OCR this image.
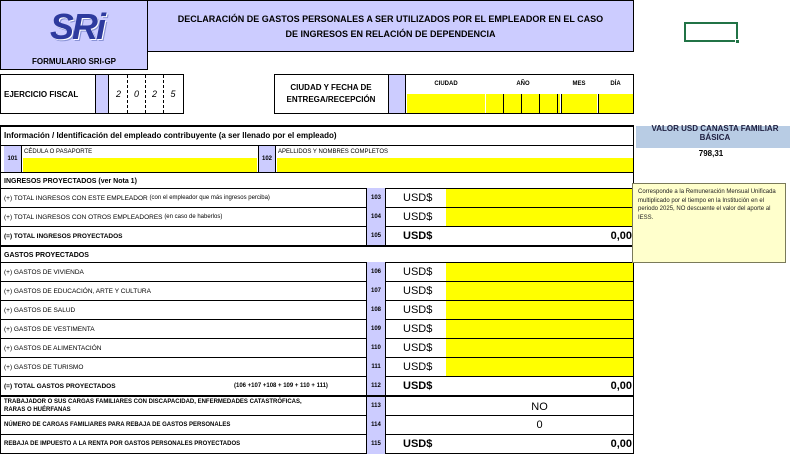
SRi
FORMULARIO SRI-GP
DECLARACIÓN DE GASTOS PERSONALES A SER UTILIZADOS POR EL EMPLEADOR EN EL CASO
DE INGRESOS EN RELACIÓN DE DEPENDENCIA
EJERCICIO FISCAL	2	0	2	5
CIUDAD Y FECHA DE
ENTREGA/RECEPCIÓN
CIUDAD	AÑO	MES	DÍA
VALOR USD CANASTA FAMILIAR BÁSICA
798,31
Información / Identificación del empleado contribuyente (a ser llenado por el empleado)
101
CÉDULA O PASAPORTE
102
APELLIDOS Y NOMBRES COMPLETOS
INGRESOS PROYECTADOS (ver Nota 1)
(+) TOTAL INGRESOS CON ESTE EMPLEADOR
(con el empleador que más ingresos perciba)	103	USD$
(+) TOTAL INGRESOS CON OTROS EMPLEADORES
(en caso de haberlos)	104	USD$
(=) TOTAL INGRESOS PROYECTADOS	105	USD$	0,00
GASTOS PROYECTADOS
(+) GASTOS DE VIVIENDA	106	USD$
(+) GASTOS DE EDUCACIÓN, ARTE Y CULTURA	107	USD$
(+) GASTOS DE SALUD	108	USD$
(+) GASTOS DE VESTIMENTA	109	USD$
(+) GASTOS DE ALIMENTACIÓN	110	USD$
(+) GASTOS DE TURISMO	111	USD$
(=) TOTAL GASTOS PROYECTADOS	(106 +107 +108 + 109 + 110 + 111)	112	USD$	0,00
TRABAJADOR O SUS CARGAS FAMILIARES CON DISCAPACIDAD, ENFERMEDADES CATASTRÓFICAS,
RARAS O HUÉRFANAS
113	NO
NÚMERO DE CARGAS FAMILIARES PARA REBAJA DE GASTOS PERSONALES	114	0
REBAJA DE IMPUESTO A LA RENTA POR GASTOS PERSONALES PROYECTADOS	115	USD$	0,00
Corresponde a la Remuneración Mensual Unificada multiplicado por el tiempo en la Institución en el periodo 2025, NO descuente el valor del aporte al IESS.
